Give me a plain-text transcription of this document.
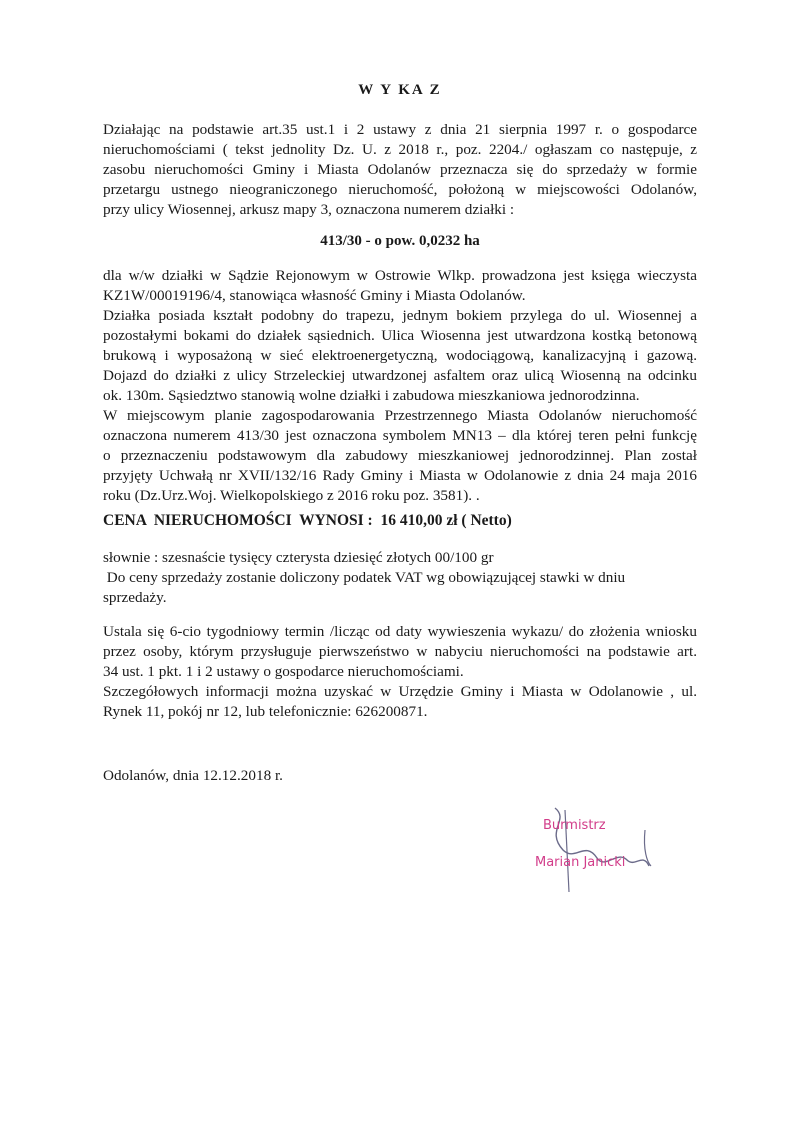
W Y KA Z

Działając na podstawie art.35 ust.1 i 2 ustawy z dnia 21 sierpnia 1997 r. o gospodarce

nieruchomościami ( tekst jednolity Dz. U. z 2018 r., poz. 2204./ ogłaszam co następuje, z

zasobu nieruchomości Gminy i Miasta Odolanów przeznacza się do sprzedaży w formie

przetargu ustnego nieograniczonego nieruchomość, położoną w miejscowości Odolanów,

przy ulicy Wiosennej, arkusz mapy 3, oznaczona numerem działki :

413/30 - o pow. 0,0232 ha

dla w/w działki w Sądzie Rejonowym w Ostrowie Wlkp. prowadzona jest księga wieczysta

KZ1W/00019196/4, stanowiąca własność Gminy i Miasta Odolanów.

Działka posiada kształt podobny do trapezu, jednym bokiem przylega do ul. Wiosennej a

pozostałymi bokami do działek sąsiednich. Ulica Wiosenna jest utwardzona kostką betonową

brukową i wyposażoną w sieć elektroenergetyczną, wodociągową, kanalizacyjną i gazową.

Dojazd do działki z ulicy Strzeleckiej utwardzonej asfaltem oraz ulicą Wiosenną na odcinku

ok. 130m. Sąsiedztwo stanowią wolne działki i zabudowa mieszkaniowa jednorodzinna.

W miejscowym planie zagospodarowania Przestrzennego Miasta Odolanów nieruchomość

oznaczona numerem 413/30 jest oznaczona symbolem MN13 – dla której teren pełni funkcję

o przeznaczeniu podstawowym dla zabudowy mieszkaniowej jednorodzinnej. Plan został

przyjęty Uchwałą nr XVII/132/16 Rady Gminy i Miasta w Odolanowie z dnia 24 maja 2016

roku (Dz.Urz.Woj. Wielkopolskiego z 2016 roku poz. 3581). .

CENA  NIERUCHOMOŚCI  WYNOSI : 16 410,00 zł ( Netto)

słownie : szesnaście tysięcy czterysta dziesięć złotych 00/100 gr

Do ceny sprzedaży zostanie doliczony podatek VAT wg obowiązującej stawki w dniu

sprzedaży.

Ustala się 6-cio tygodniowy termin /licząc od daty wywieszenia wykazu/ do złożenia wniosku

przez osoby, którym przysługuje pierwszeństwo w nabyciu nieruchomości na podstawie art.

34 ust. 1 pkt. 1 i 2 ustawy o gospodarce nieruchomościami.

Szczegółowych informacji można uzyskać w Urzędzie Gminy i Miasta w Odolanowie , ul.

Rynek 11, pokój nr 12, lub telefonicznie: 626200871.

Odolanów, dnia 12.12.2018 r.
Burmistrz
Marian Janicki
